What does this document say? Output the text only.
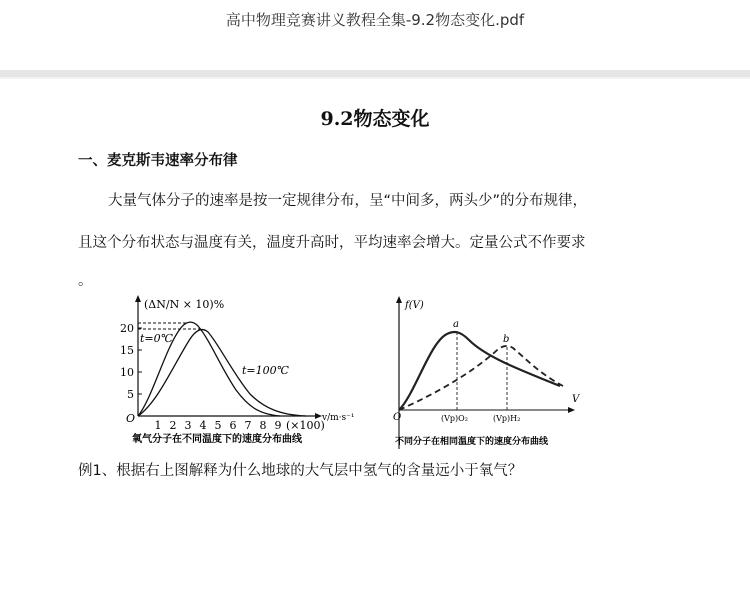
高中物理竞赛讲义教程全集-9.2物态变化.pdf
9.2物态变化
一、麦克斯韦速率分布律
大量气体分子的速率是按一定规律分布，呈“中间多，两头少”的分布规律，
且这个分布状态与温度有关，温度升高时，平均速率会增大。定量公式不作要求
。
(ΔN/N × 10)%
v/m·s⁻¹
O
5
10
15
20
1 2 3 4 5 6 7 8 9 (×100)
t=0℃
t=100℃
氧气分子在不同温度下的速度分布曲线
f(V)
V
O
a
b
(Vp)O₂	(Vp)H₂
不同分子在相同温度下的速度分布曲线
例1、根据右上图解释为什么地球的大气层中氢气的含量远小于氧气？
